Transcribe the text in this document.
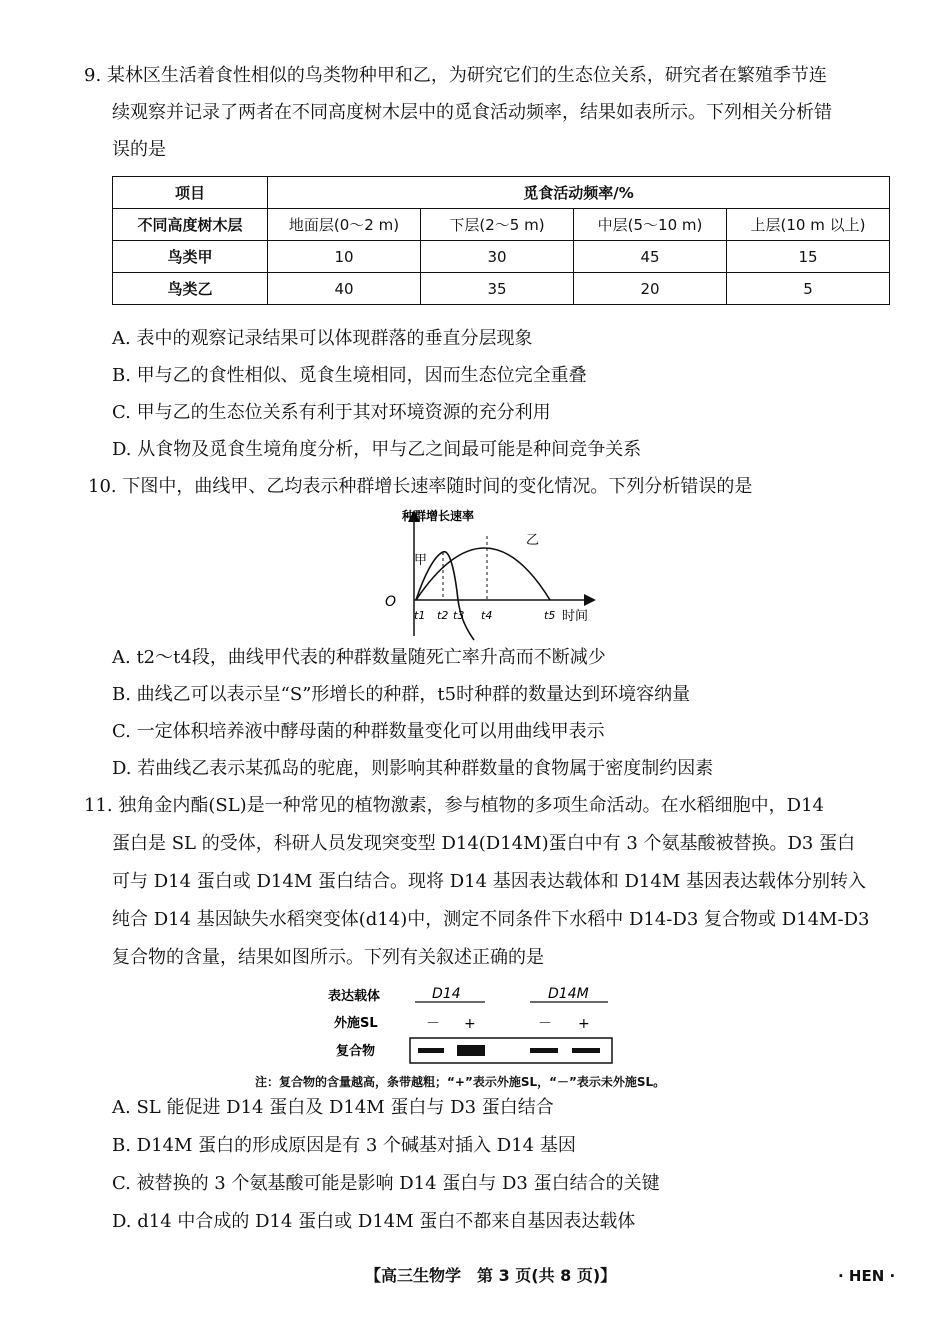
9. 某林区生活着食性相似的鸟类物种甲和乙，为研究它们的生态位关系，研究者在繁殖季节连
续观察并记录了两者在不同高度树木层中的觅食活动频率，结果如表所示。下列相关分析错
误的是
项目	觅食活动频率/%			
不同高度树木层	地面层(0～2 m)	下层(2～5 m)	中层(5～10 m)	上层(10 m 以上)
鸟类甲	10	30	45	15
鸟类乙	40	35	20	5
A. 表中的观察记录结果可以体现群落的垂直分层现象
B. 甲与乙的食性相似、觅食生境相同，因而生态位完全重叠
C. 甲与乙的生态位关系有利于其对环境资源的充分利用
D. 从食物及觅食生境角度分析，甲与乙之间最可能是种间竞争关系
10. 下图中，曲线甲、乙均表示种群增长速率随时间的变化情况。下列分析错误的是
种群增长速率
时间
O
甲
乙
t1 t2 t3 t4	t5
A. t2～t4段，曲线甲代表的种群数量随死亡率升高而不断减少
B. 曲线乙可以表示呈“S”形增长的种群，t5时种群的数量达到环境容纳量
C. 一定体积培养液中酵母菌的种群数量变化可以用曲线甲表示
D. 若曲线乙表示某孤岛的驼鹿，则影响其种群数量的食物属于密度制约因素
11. 独角金内酯(SL)是一种常见的植物激素，参与植物的多项生命活动。在水稻细胞中，D14
蛋白是 SL 的受体，科研人员发现突变型 D14(D14M)蛋白中有 3 个氨基酸被替换。D3 蛋白
可与 D14 蛋白或 D14M 蛋白结合。现将 D14 基因表达载体和 D14M 基因表达载体分别转入
纯合 D14 基因缺失水稻突变体(d14)中，测定不同条件下水稻中 D14-D3 复合物或 D14M-D3
复合物的含量，结果如图所示。下列有关叙述正确的是
表达载体
外施SL
复合物
D14	D14M
－ +	－ +
注：复合物的含量越高，条带越粗；“+”表示外施SL，“－”表示未外施SL。
A. SL 能促进 D14 蛋白及 D14M 蛋白与 D3 蛋白结合
B. D14M 蛋白的形成原因是有 3 个碱基对插入 D14 基因
C. 被替换的 3 个氨基酸可能是影响 D14 蛋白与 D3 蛋白结合的关键
D. d14 中合成的 D14 蛋白或 D14M 蛋白不都来自基因表达载体
【高三生物学　第 3 页(共 8 页)】	· HEN ·
